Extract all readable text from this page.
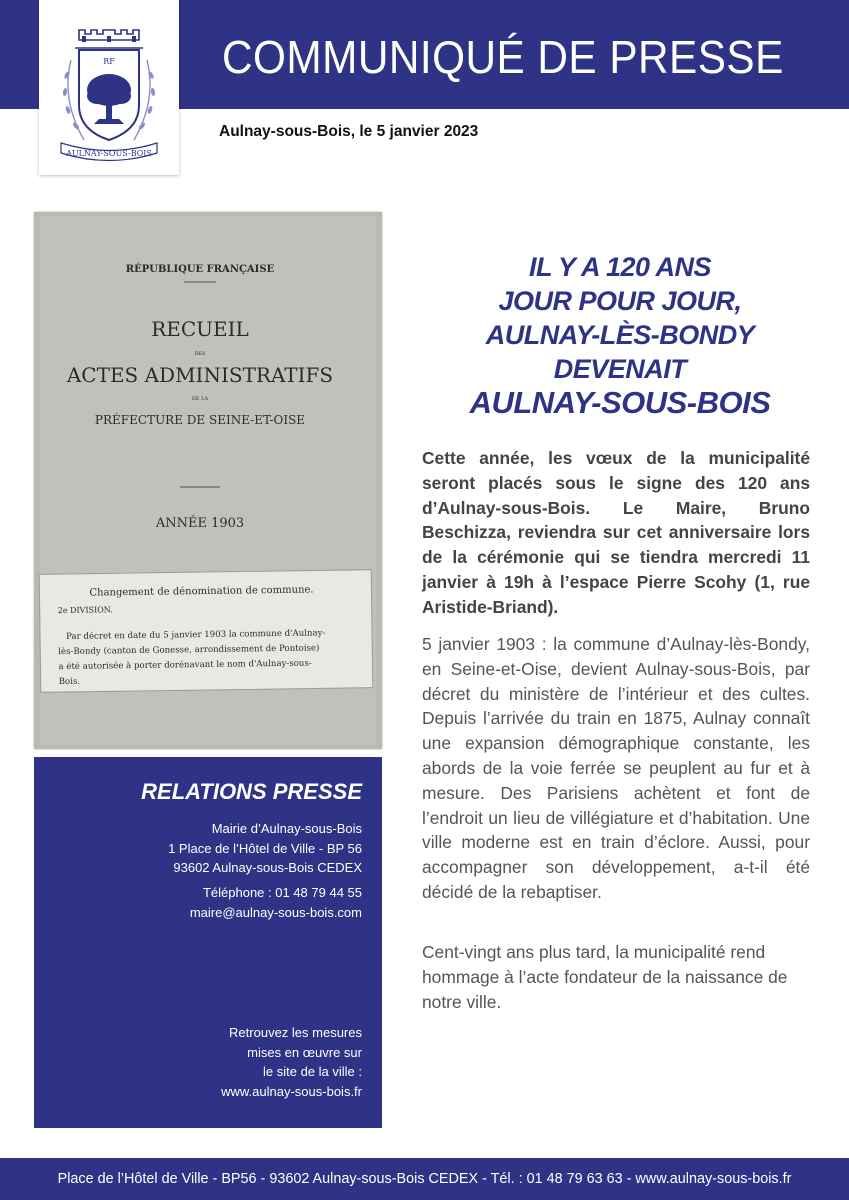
RF
AULNAY-SOUS-BOIS
COMMUNIQUÉ DE PRESSE
Aulnay-sous-Bois, le 5 janvier 2023
RÉPUBLIQUE FRANÇAISE
RECUEIL
DES
ACTES ADMINISTRATIFS
DE LA
PRÉFECTURE DE SEINE-ET-OISE
ANNÉE 1903
Changement de dénomination de commune.
2e DIVISION.
Par décret en date du 5 janvier 1903 la commune d'Aulnay-
lès-Bondy (canton de Gonesse, arrondissement de Pontoise)
a été autorisée à porter dorénavant le nom d'Aulnay-sous-
Bois.
IL Y A 120 ANS
JOUR POUR JOUR,
AULNAY-LÈS-BONDY
DEVENAIT
AULNAY-SOUS-BOIS
Cette année, les vœux de la municipalité seront placés sous le signe des 120 ans d’Aulnay-sous-Bois. Le Maire, Bruno Beschizza, reviendra sur cet anniversaire lors de la cérémonie qui se tiendra mercredi 11 janvier à 19h à l’espace Pierre Scohy (1, rue Aristide-Briand).
5 janvier 1903 : la commune d’Aulnay-lès-Bondy, en Seine-et-Oise, devient Aulnay-sous-Bois, par décret du ministère de l’intérieur et des cultes. Depuis l’arrivée du train en 1875, Aulnay connaît une expansion démographique constante, les abords de la voie ferrée se peuplent au fur et à mesure. Des Parisiens achètent et font de l’endroit un lieu de villégiature et d’habitation. Une ville moderne est en train d’éclore. Aussi, pour accompagner son développement, a-t-il été décidé de la rebaptiser.
Cent-vingt ans plus tard, la municipalité rend hommage à l’acte fondateur de la naissance de notre ville.
RELATIONS PRESSE
Mairie d’Aulnay-sous-Bois
1 Place de l’Hôtel de Ville - BP 56
93602 Aulnay-sous-Bois CEDEX
Téléphone : 01 48 79 44 55
maire@aulnay-sous-bois.com
Retrouvez les mesures
mises en œuvre sur
le site de la ville :
www.aulnay-sous-bois.fr
Place de l’Hôtel de Ville - BP56 - 93602 Aulnay-sous-Bois CEDEX - Tél. : 01 48 79 63 63 - www.aulnay-sous-bois.fr
